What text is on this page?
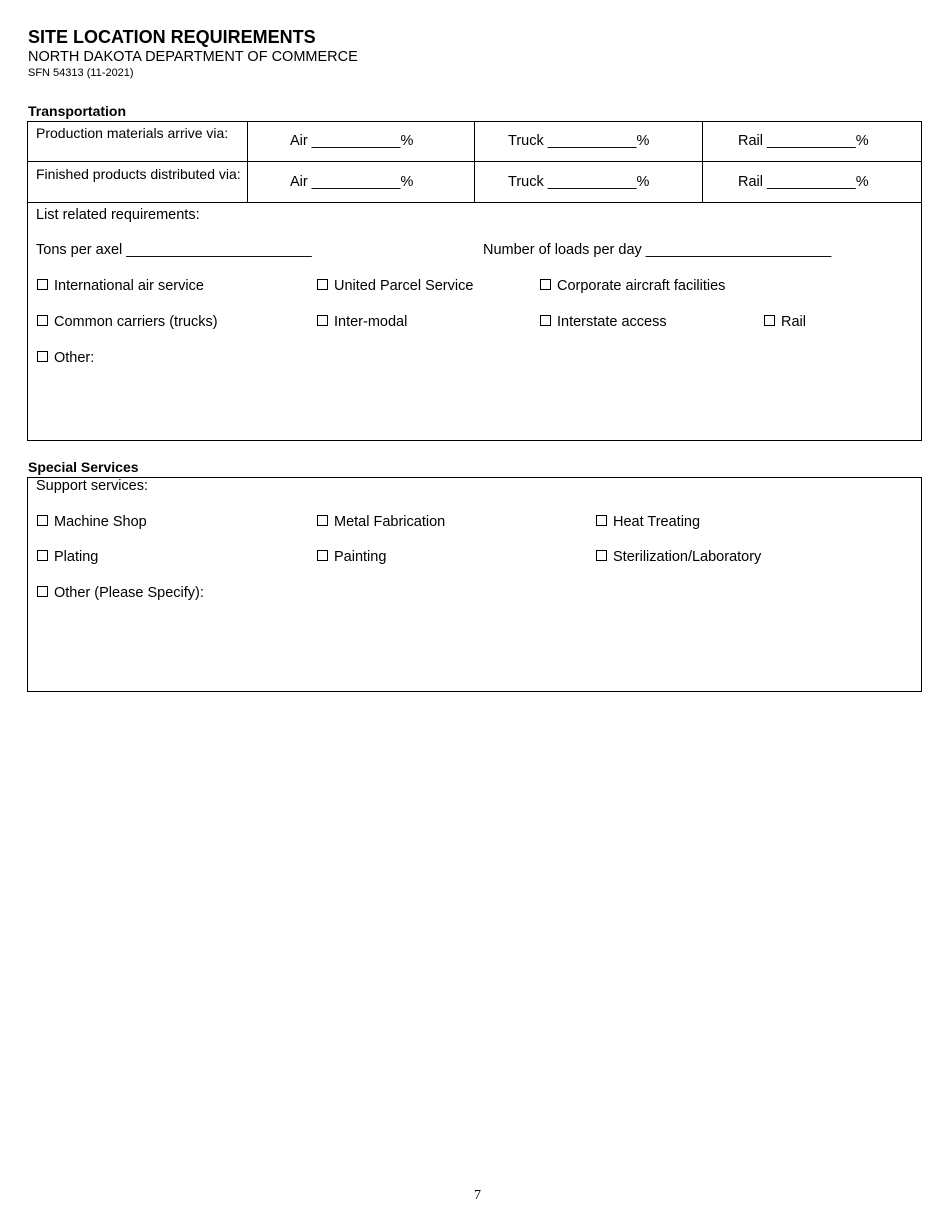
SITE LOCATION REQUIREMENTS
NORTH DAKOTA DEPARTMENT OF COMMERCE
SFN 54313 (11-2021)
Transportation
Production materials arrive via:	Air ___________%	Truck ___________%	Rail ___________%
Finished products distributed via:	Air ___________%	Truck ___________%	Rail ___________%
List related requirements:
Tons per axel _______________________	Number of loads per day _______________________
International air service	United Parcel Service	Corporate aircraft facilities
Common carriers (trucks)	Inter-modal	Interstate access	Rail
Other:
Special Services
Support services:
Machine Shop	Metal Fabrication	Heat Treating
Plating	Painting	Sterilization/Laboratory
Other (Please Specify):
7
